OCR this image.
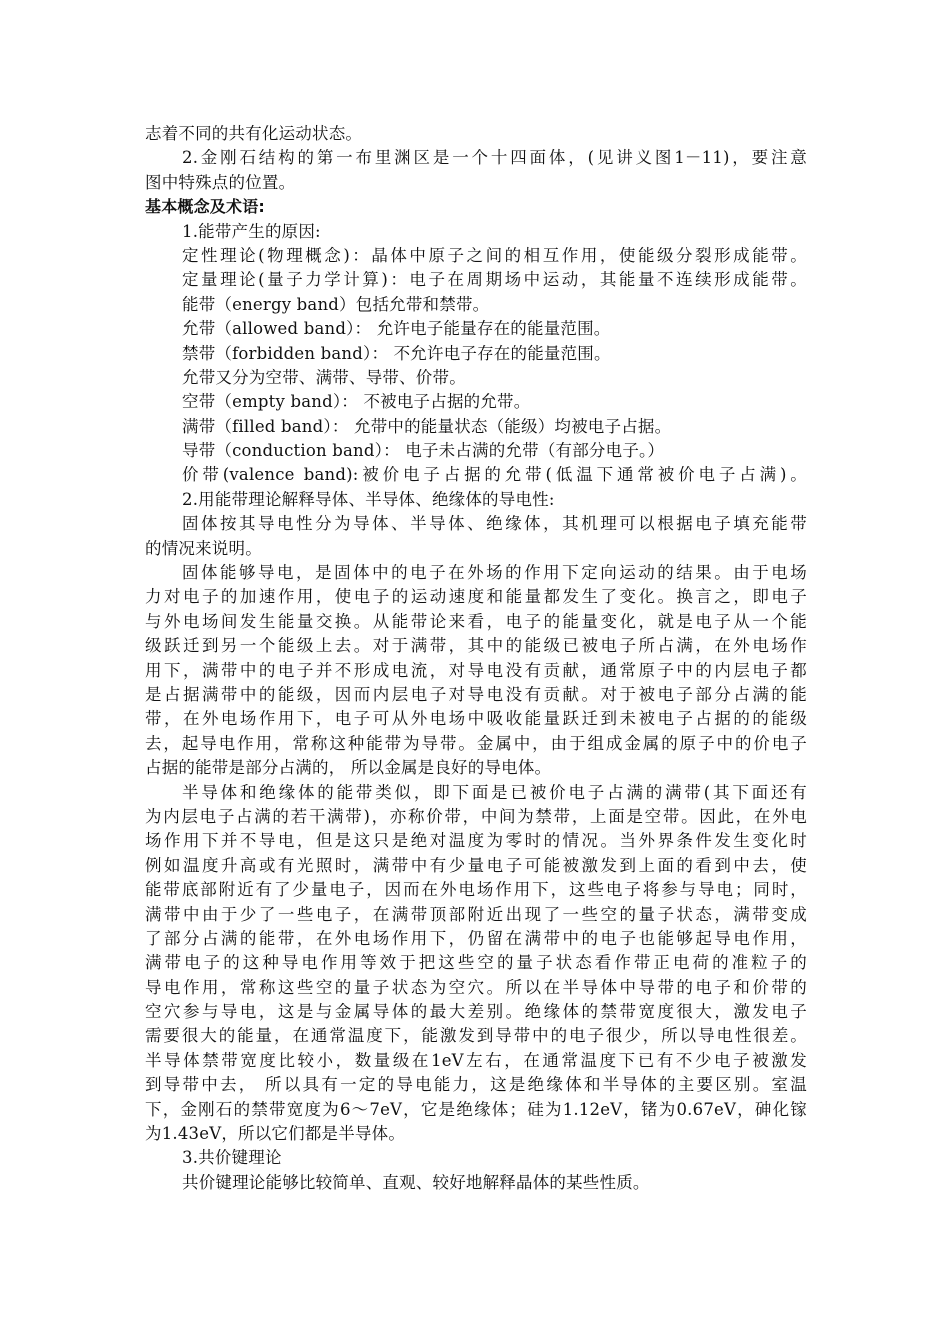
志着不同的共有化运动状态。
2.金刚石结构的第一布里渊区是一个十四面体，(见讲义图1－11)，要注意
图中特殊点的位置。
基本概念及术语:
1.能带产生的原因:
定性理论(物理概念)：晶体中原子之间的相互作用，使能级分裂形成能带。
定量理论(量子力学计算)：电子在周期场中运动，其能量不连续形成能带。
能带（energy band）包括允带和禁带。
允带（allowed band）： 允许电子能量存在的能量范围。
禁带（forbidden band）： 不允许电子存在的能量范围。
允带又分为空带、满带、导带、价带。
空带（empty band）： 不被电子占据的允带。
满带（filled band）： 允带中的能量状态（能级）均被电子占据。
导带（conduction band）： 电子未占满的允带（有部分电子。）
价带(valence band):被价电子占据的允带(低温下通常被价电子占满)。
2.用能带理论解释导体、半导体、绝缘体的导电性:
固体按其导电性分为导体、半导体、绝缘体，其机理可以根据电子填充能带
的情况来说明。
固体能够导电，是固体中的电子在外场的作用下定向运动的结果。由于电场
力对电子的加速作用，使电子的运动速度和能量都发生了变化。换言之，即电子
与外电场间发生能量交换。从能带论来看，电子的能量变化，就是电子从一个能
级跃迁到另一个能级上去。对于满带，其中的能级已被电子所占满，在外电场作
用下，满带中的电子并不形成电流，对导电没有贡献，通常原子中的内层电子都
是占据满带中的能级，因而内层电子对导电没有贡献。对于被电子部分占满的能
带，在外电场作用下，电子可从外电场中吸收能量跃迁到未被电子占据的的能级
去，起导电作用，常称这种能带为导带。金属中，由于组成金属的原子中的价电子
占据的能带是部分占满的， 所以金属是良好的导电体。
半导体和绝缘体的能带类似，即下面是已被价电子占满的满带(其下面还有
为内层电子占满的若干满带)，亦称价带，中间为禁带，上面是空带。因此，在外电
场作用下并不导电，但是这只是绝对温度为零时的情况。当外界条件发生变化时
例如温度升高或有光照时，满带中有少量电子可能被激发到上面的看到中去，使
能带底部附近有了少量电子，因而在外电场作用下，这些电子将参与导电；同时，
满带中由于少了一些电子，在满带顶部附近出现了一些空的量子状态，满带变成
了部分占满的能带，在外电场作用下，仍留在满带中的电子也能够起导电作用，
满带电子的这种导电作用等效于把这些空的量子状态看作带正电荷的准粒子的
导电作用，常称这些空的量子状态为空穴。所以在半导体中导带的电子和价带的
空穴参与导电，这是与金属导体的最大差别。绝缘体的禁带宽度很大，激发电子
需要很大的能量，在通常温度下，能激发到导带中的电子很少，所以导电性很差。
半导体禁带宽度比较小，数量级在1eV左右，在通常温度下已有不少电子被激发
到导带中去， 所以具有一定的导电能力，这是绝缘体和半导体的主要区别。室温
下，金刚石的禁带宽度为6～7eV，它是绝缘体；硅为1.12eV，锗为0.67eV，砷化镓
为1.43eV，所以它们都是半导体。
3.共价键理论
共价键理论能够比较简单、直观、较好地解释晶体的某些性质。
